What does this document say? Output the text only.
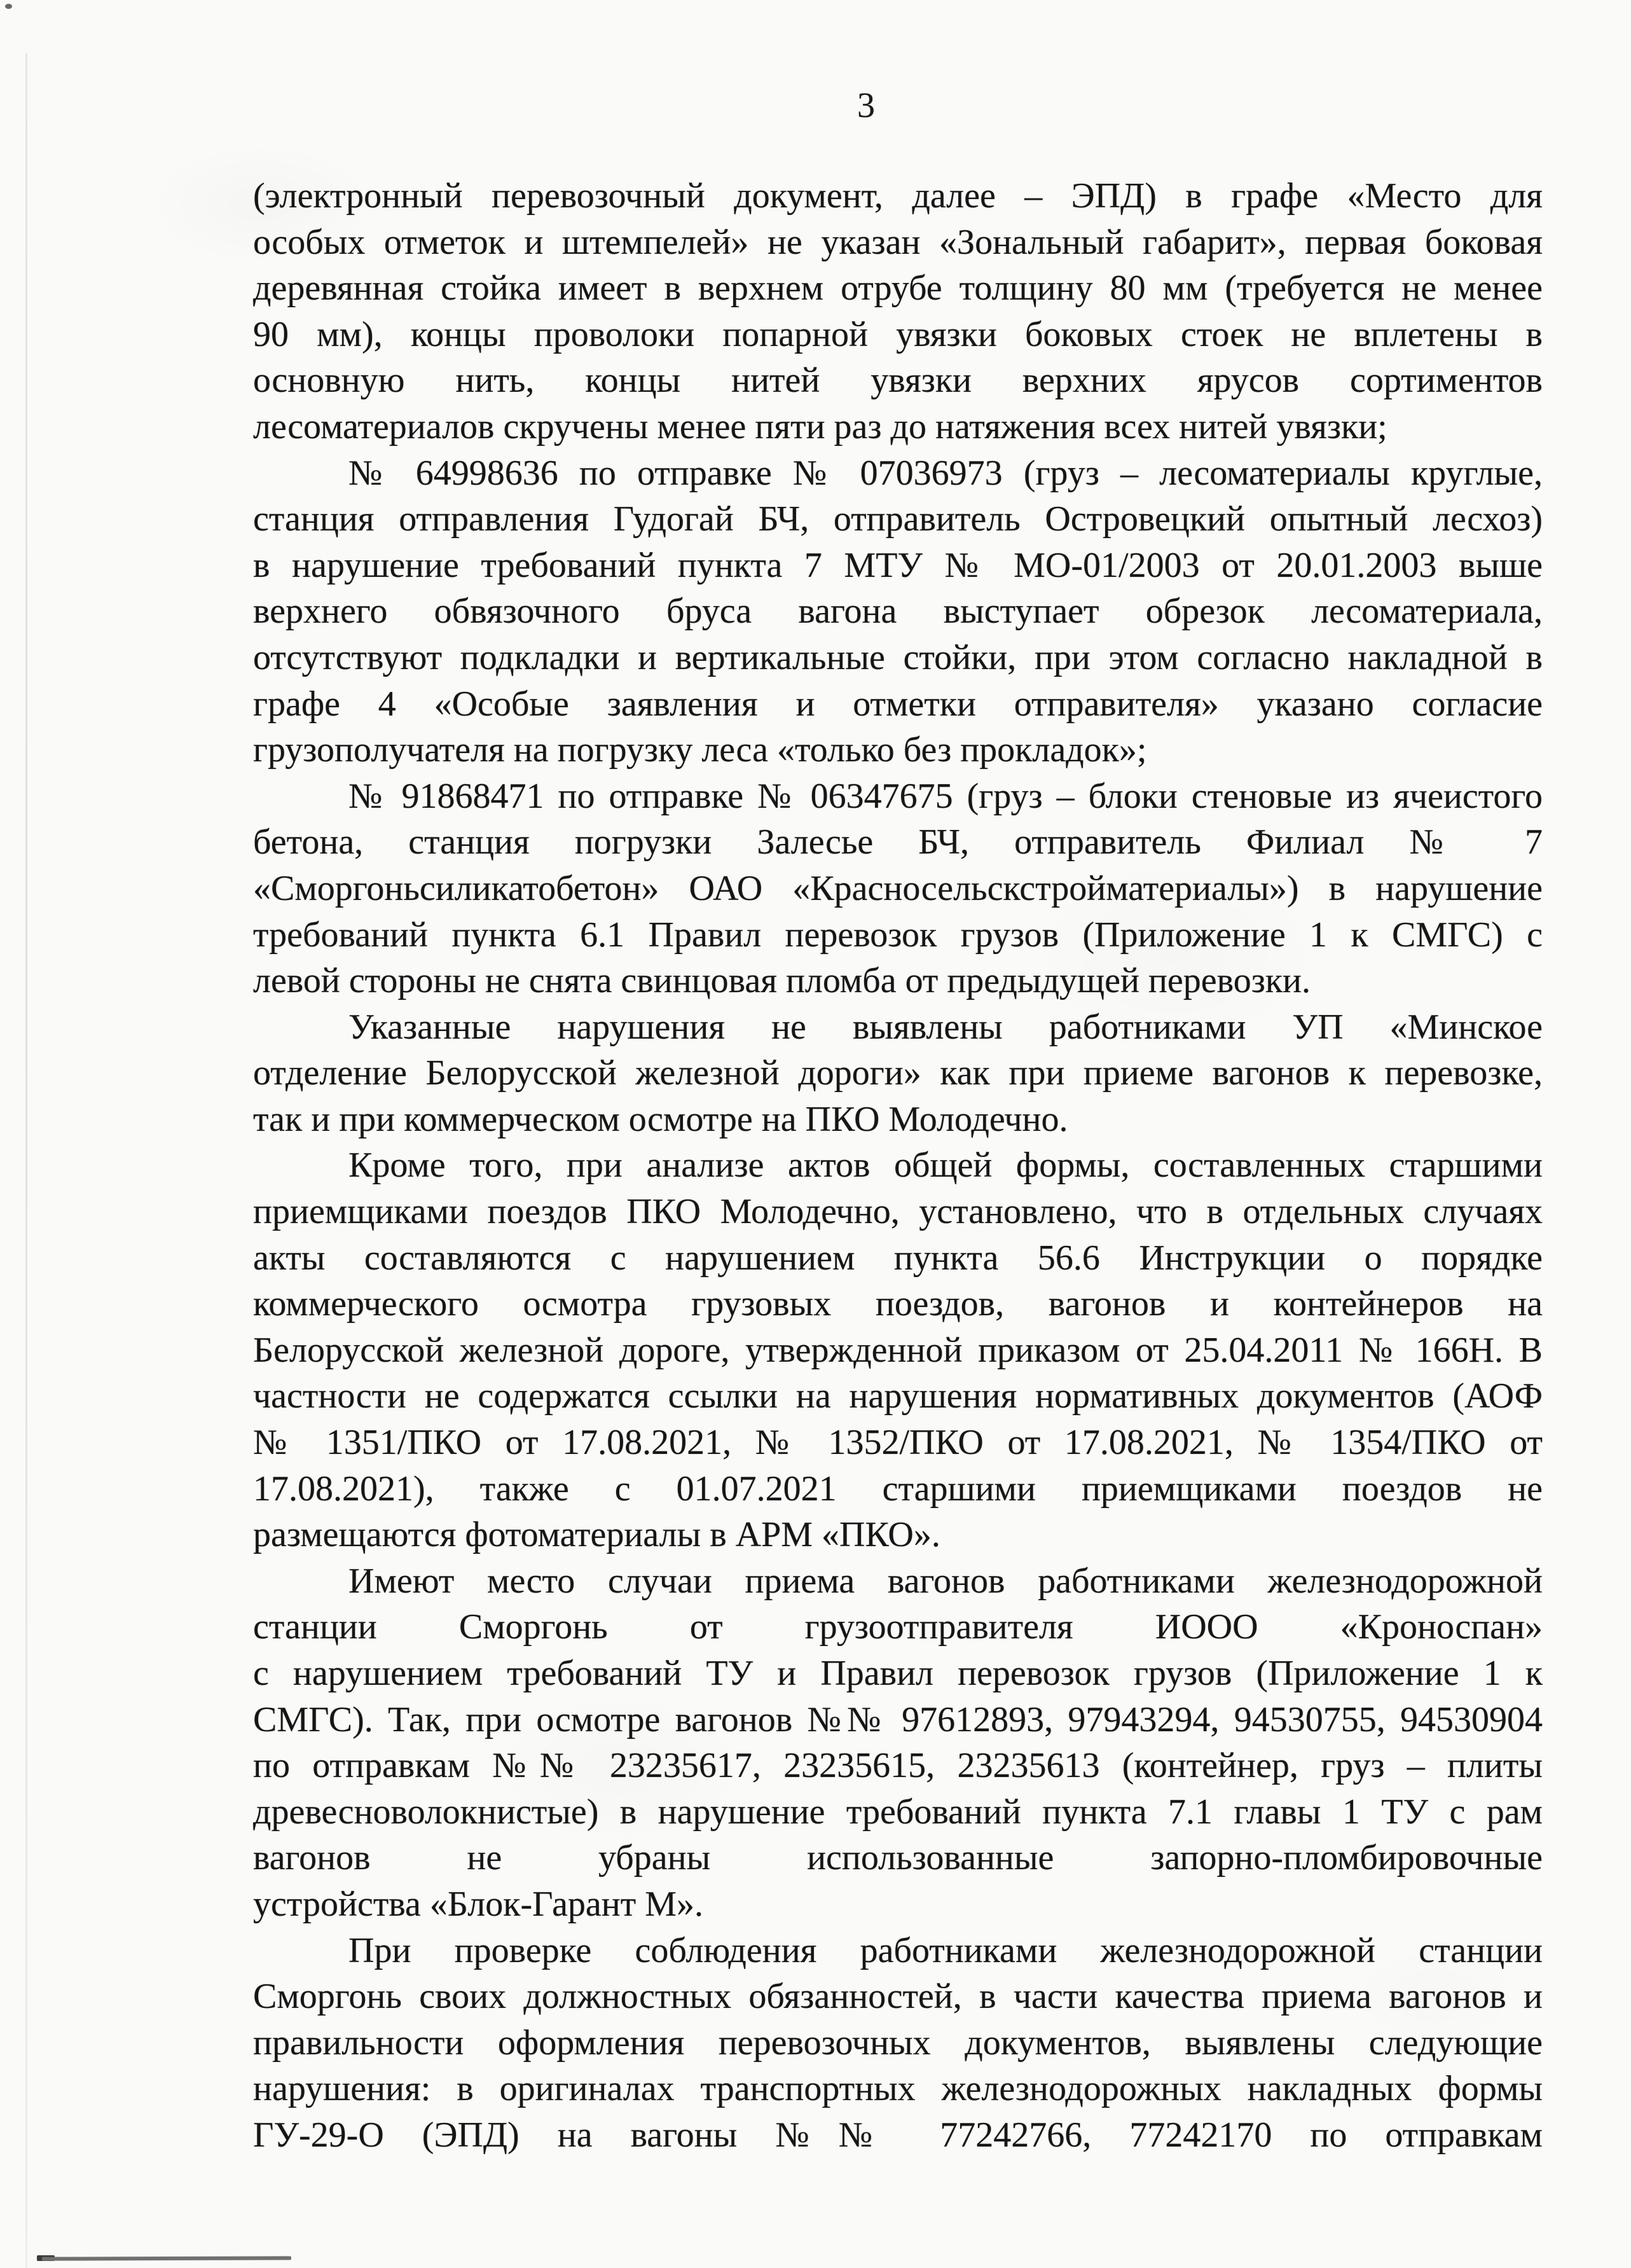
3
(электронный перевозочный документ, далее – ЭПД) в графе «Место для
особых отметок и штемпелей» не указан «Зональный габарит», первая боковая
деревянная стойка имеет в верхнем отрубе толщину 80 мм (требуется не менее
90 мм), концы проволоки попарной увязки боковых стоек не вплетены в
основную нить, концы нитей увязки верхних ярусов сортиментов
лесоматериалов скручены менее пяти раз до натяжения всех нитей увязки;
№ 64998636 по отправке № 07036973 (груз – лесоматериалы круглые,
станция отправления Гудогай БЧ, отправитель Островецкий опытный лесхоз)
в нарушение требований пункта 7 МТУ № МО-01/2003 от 20.01.2003 выше
верхнего обвязочного бруса вагона выступает обрезок лесоматериала,
отсутствуют подкладки и вертикальные стойки, при этом согласно накладной в
графе 4 «Особые заявления и отметки отправителя» указано согласие
грузополучателя на погрузку леса «только без прокладок»;
№ 91868471 по отправке № 06347675 (груз – блоки стеновые из ячеистого
бетона, станция погрузки Залесье БЧ, отправитель Филиал № 7
«Сморгоньсиликатобетон» ОАО «Красносельскстройматериалы») в нарушение
требований пункта 6.1 Правил перевозок грузов (Приложение 1 к СМГС) с
левой стороны не снята свинцовая пломба от предыдущей перевозки.
Указанные нарушения не выявлены работниками УП «Минское
отделение Белорусской железной дороги» как при приеме вагонов к перевозке,
так и при коммерческом осмотре на ПКО Молодечно.
Кроме того, при анализе актов общей формы, составленных старшими
приемщиками поездов ПКО Молодечно, установлено, что в отдельных случаях
акты составляются с нарушением пункта 56.6 Инструкции о порядке
коммерческого осмотра грузовых поездов, вагонов и контейнеров на
Белорусской железной дороге, утвержденной приказом от 25.04.2011 № 166Н. В
частности не содержатся ссылки на нарушения нормативных документов (АОФ
№ 1351/ПКО от 17.08.2021, № 1352/ПКО от 17.08.2021, № 1354/ПКО от
17.08.2021), также с 01.07.2021 старшими приемщиками поездов не
размещаются фотоматериалы в АРМ «ПКО».
Имеют место случаи приема вагонов работниками железнодорожной
станции Сморгонь от грузоотправителя ИООО «Кроноспан»
с нарушением требований ТУ и Правил перевозок грузов (Приложение 1 к
СМГС). Так, при осмотре вагонов №№ 97612893, 97943294, 94530755, 94530904
по отправкам №№ 23235617, 23235615, 23235613 (контейнер, груз – плиты
древесноволокнистые) в нарушение требований пункта 7.1 главы 1 ТУ с рам
вагонов не убраны использованные запорно-пломбировочные
устройства «Блок-Гарант М».
При проверке соблюдения работниками железнодорожной станции
Сморгонь своих должностных обязанностей, в части качества приема вагонов и
правильности оформления перевозочных документов, выявлены следующие
нарушения: в оригиналах транспортных железнодорожных накладных формы
ГУ-29-О (ЭПД) на вагоны №№ 77242766, 77242170 по отправкам
